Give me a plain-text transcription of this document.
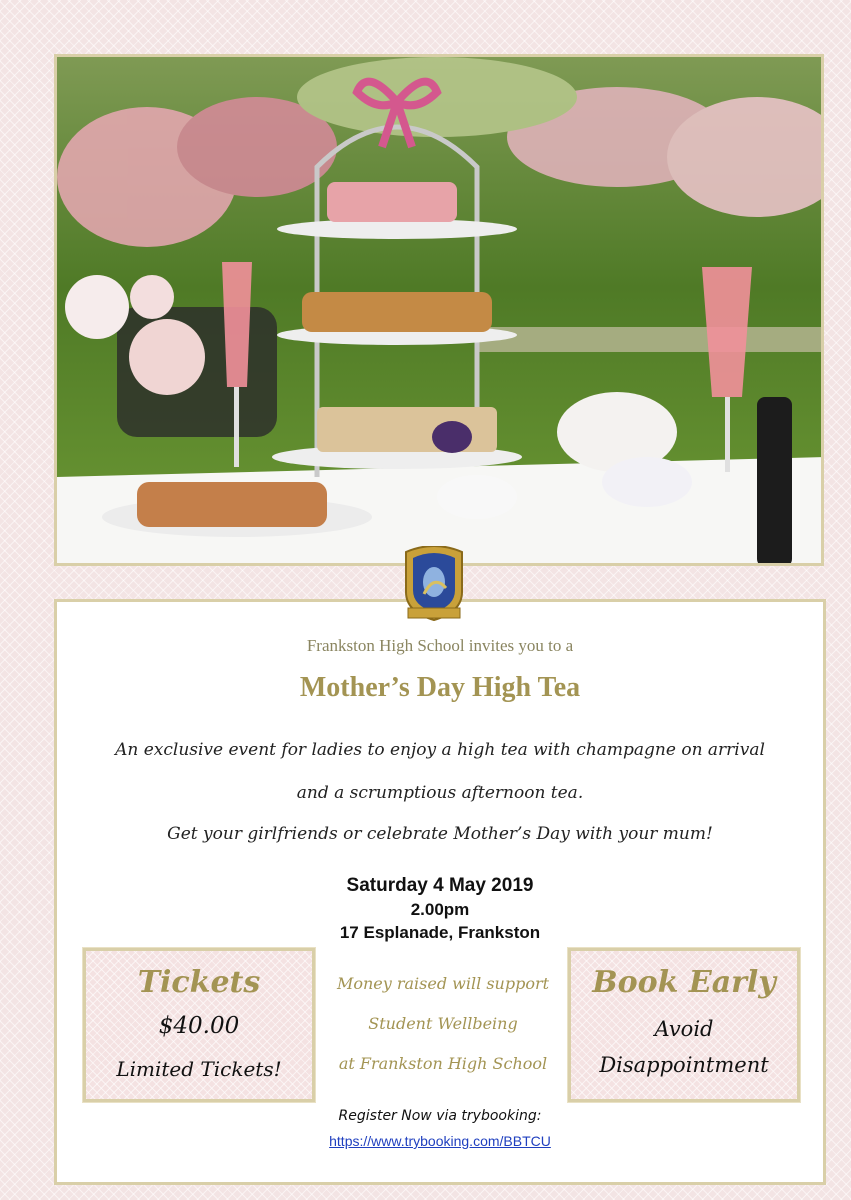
Frankston High School invites you to a
Mother’s Day High Tea
An exclusive event for ladies to enjoy a high tea with champagne on arrival
and a scrumptious afternoon tea.
Get your girlfriends or celebrate Mother’s Day with your mum!
Saturday 4 May 2019
2.00pm
17 Esplanade, Frankston
Tickets
$40.00
Limited Tickets!
Money raised will support
Student Wellbeing
at Frankston High School
Book Early
Avoid
Disappointment
Register Now via trybooking:
https://www.trybooking.com/BBTCU
